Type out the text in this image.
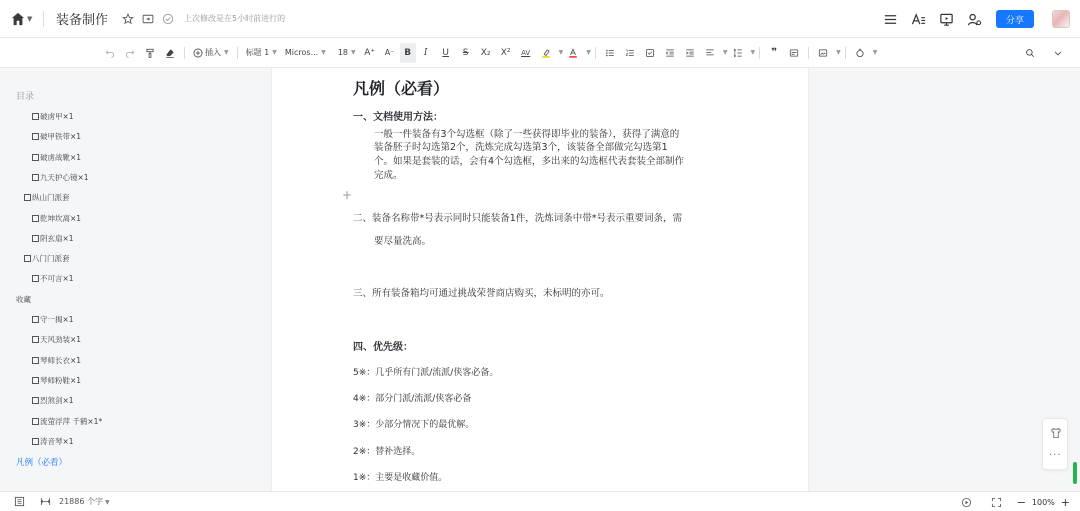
▼ 装备制作	上次修改是在5小时前进行的	分享
插入 ▼ 标题 1 ▼ Micros... ▼ 18 ▼ A⁺	A⁻	B	I	U	S	X₂	X²	AV	▼	▼	▼	▼	❞	▼	▼
目录
破虏甲×1
破甲铁带×1
破虏战靴×1
九天护心镜×1
纵山门派套
乾坤坎离×1
阴玄扇×1
八门门派套
不可言×1
收藏
守一揭×1
天风劲装×1
琴师长衣×1
琴师粉鞋×1
烈煞剑×1
流萤浮萍 千鹤×1*
涛音琴×1
凡例（必看）
凡例（必看）
一、文档使用方法：
一般一件装备有3个勾选框（除了一些获得即毕业的装备），获得了满意的
装备胚子时勾选第2个，洗炼完成勾选第3个，该装备全部做完勾选第1
个。如果是套装的话，会有4个勾选框，多出来的勾选框代表套装全部制作
完成。
+
二、装备名称带*号表示同时只能装备1件，洗炼词条中带*号表示重要词条，需
要尽量洗高。
三、所有装备箱均可通过挑战荣誉商店购买，未标明的亦可。
四、优先级：
5※：几乎所有门派/流派/侠客必备。
4※：部分门派/流派/侠客必备
3※：少部分情况下的最优解。
2※：替补选择。
1※：主要是收藏价值。
···
21886 个字 ▼	− 100% +
